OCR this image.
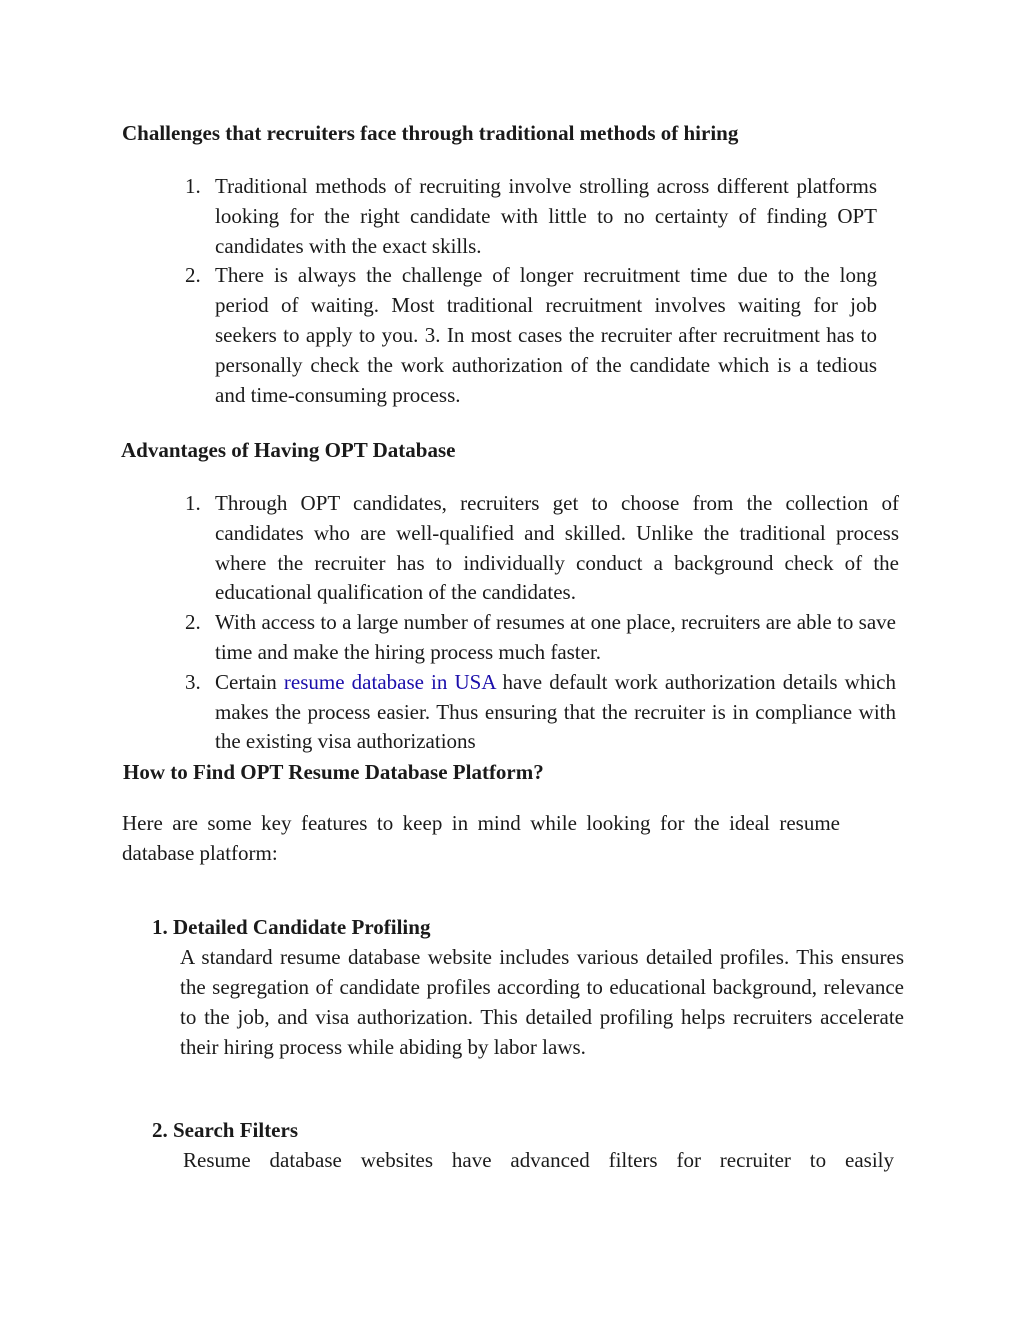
Challenges that recruiters face through traditional methods of hiring
1. Traditional methods of recruiting involve strolling across different platforms looking for the right candidate with little to no certainty of finding OPT candidates with the exact skills.
2. There is always the challenge of longer recruitment time due to the long period of waiting. Most traditional recruitment involves waiting for job seekers to apply to you. 3. In most cases the recruiter after recruitment has to personally check the work authorization of the candidate which is a tedious and time-consuming process.
Advantages of Having OPT Database
1. Through OPT candidates, recruiters get to choose from the collection of candidates who are well-qualified and skilled. Unlike the traditional process where the recruiter has to individually conduct a background check of the educational qualification of the candidates.
2. With access to a large number of resumes at one place, recruiters are able to save time and make the hiring process much faster.
3. Certain resume database in USA have default work authorization details which makes the process easier. Thus ensuring that the recruiter is in compliance with the existing visa authorizations
How to Find OPT Resume Database Platform?

Here are some key features to keep in mind while looking for the ideal resume database platform:

1. Detailed Candidate Profiling
A standard resume database website includes various detailed profiles. This ensures the segregation of candidate profiles according to educational background, relevance to the job, and visa authorization. This detailed profiling helps recruiters accelerate their hiring process while abiding by labor laws.
2. Search Filters
Resume database websites have advanced filters for recruiter to easily
